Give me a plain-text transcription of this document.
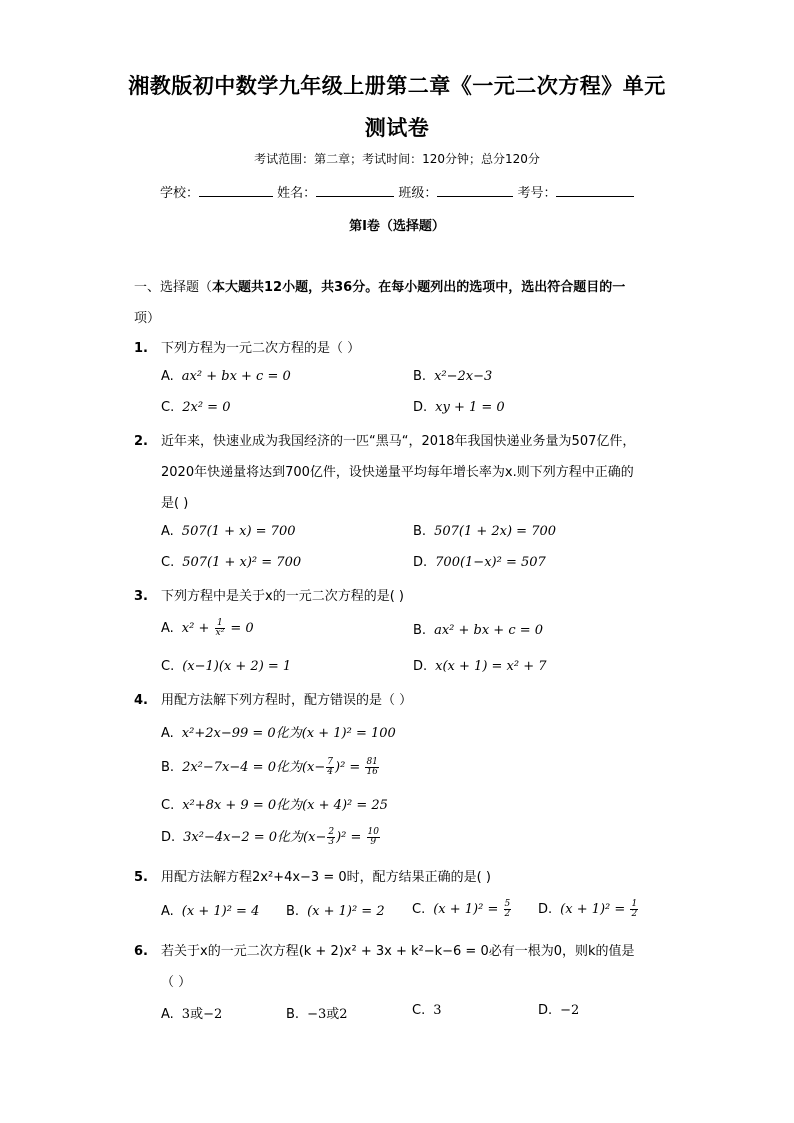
湘教版初中数学九年级上册第二章《一元二次方程》单元
测试卷
考试范围：第二章；考试时间：120分钟；总分120分
学校：	姓名：	班级：	考号：
第I卷（选择题）
一、选择题（本大题共12小题，共36分。在每小题列出的选项中，选出符合题目的一
项）
1. 下列方程为一元二次方程的是（ ）
A. ax² + bx + c = 0	B. x²−2x−3
C. 2x² = 0	D. xy + 1 = 0
2. 近年来，快速业成为我国经济的一匹“黑马“，2018年我国快递业务量为507亿件，
2020年快递量将达到700亿件，设快递量平均每年增长率为x.则下列方程中正确的
是( )
A. 507(1 + x) = 700	B. 507(1 + 2x) = 700
C. 507(1 + x)² = 700	D. 700(1−x)² = 507
3. 下列方程中是关于x的一元二次方程的是( )
A. $x^2 + \frac{1}{\text{x²}} = 0$	B. ax² + bx + c = 0
C. (x−1)(x + 2) = 1	D. x(x + 1) = x² + 7
4. 用配方法解下列方程时，配方错误的是（ ）
A. x²+2x−99 = 0化为(x + 1)² = 100
B. 2x²−7x−4 = 0化为$(x- \frac{7}{4} )^2 = \frac{81}{16}$
C. x²+8x + 9 = 0化为(x + 4)² = 25
D. 3x²−4x−2 = 0化为$(x- \frac{2}{3} )^2 = \frac{10}{9}$
5. 用配方法解方程2x²+4x−3 = 0时，配方结果正确的是( )
A. (x + 1)² = 4 B. (x + 1)² = 2 C. $(x + 1)^2 = \frac{5}{2} D$. $(x + 1)^2 = \frac{1}{2}$
6. 若关于x的一元二次方程(k + 2)x² + 3x + k²−k−6 = 0必有一根为0，则k的值是
（ ）
A. 3或−2	B. −3或2	C. 3	D. −2
